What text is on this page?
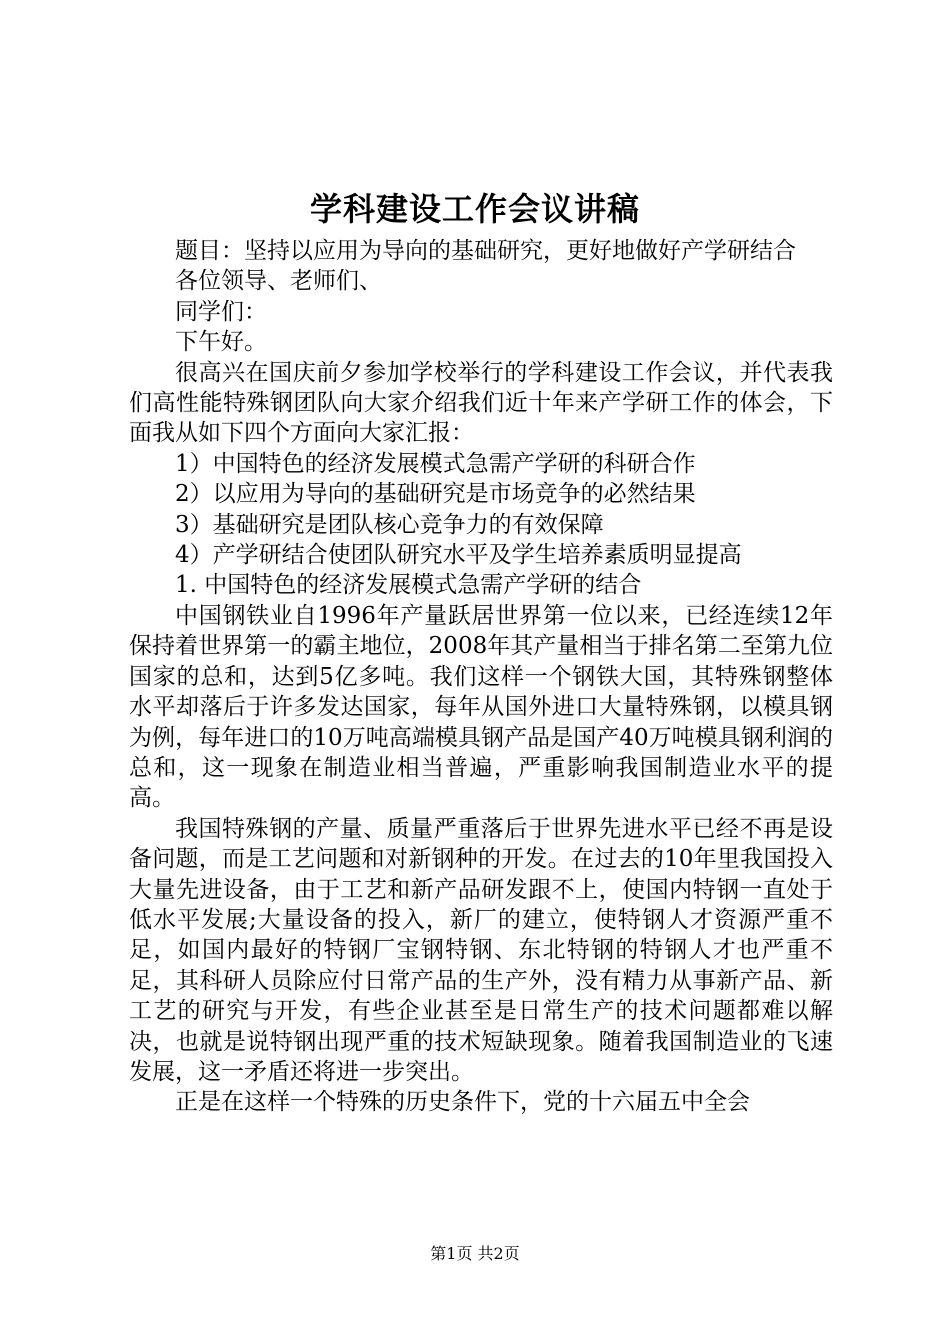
学科建设工作会议讲稿

题目：坚持以应用为导向的基础研究，更好地做好产学研结合

各位领导、老师们、

同学们：

下午好。

很高兴在国庆前夕参加学校举行的学科建设工作会议，并代表我们高性能特殊钢团队向大家介绍我们近十年来产学研工作的体会，下面我从如下四个方面向大家汇报：

1）中国特色的经济发展模式急需产学研的科研合作

2）以应用为导向的基础研究是市场竞争的必然结果

3）基础研究是团队核心竞争力的有效保障

4）产学研结合使团队研究水平及学生培养素质明显提高

1. 中国特色的经济发展模式急需产学研的结合

中国钢铁业自1996年产量跃居世界第一位以来，已经连续12年保持着世界第一的霸主地位，2008年其产量相当于排名第二至第九位国家的总和，达到5亿多吨。我们这样一个钢铁大国，其特殊钢整体水平却落后于许多发达国家，每年从国外进口大量特殊钢，以模具钢为例，每年进口的10万吨高端模具钢产品是国产40万吨模具钢利润的总和，这一现象在制造业相当普遍，严重影响我国制造业水平的提高。

我国特殊钢的产量、质量严重落后于世界先进水平已经不再是设备问题，而是工艺问题和对新钢种的开发。在过去的10年里我国投入大量先进设备，由于工艺和新产品研发跟不上，使国内特钢一直处于低水平发展;大量设备的投入，新厂的建立，使特钢人才资源严重不足，如国内最好的特钢厂宝钢特钢、东北特钢的特钢人才也严重不足，其科研人员除应付日常产品的生产外，没有精力从事新产品、新工艺的研究与开发，有些企业甚至是日常生产的技术问题都难以解决，也就是说特钢出现严重的技术短缺现象。随着我国制造业的飞速发展，这一矛盾还将进一步突出。

正是在这样一个特殊的历史条件下，党的十六届五中全会

第1页 共2页
